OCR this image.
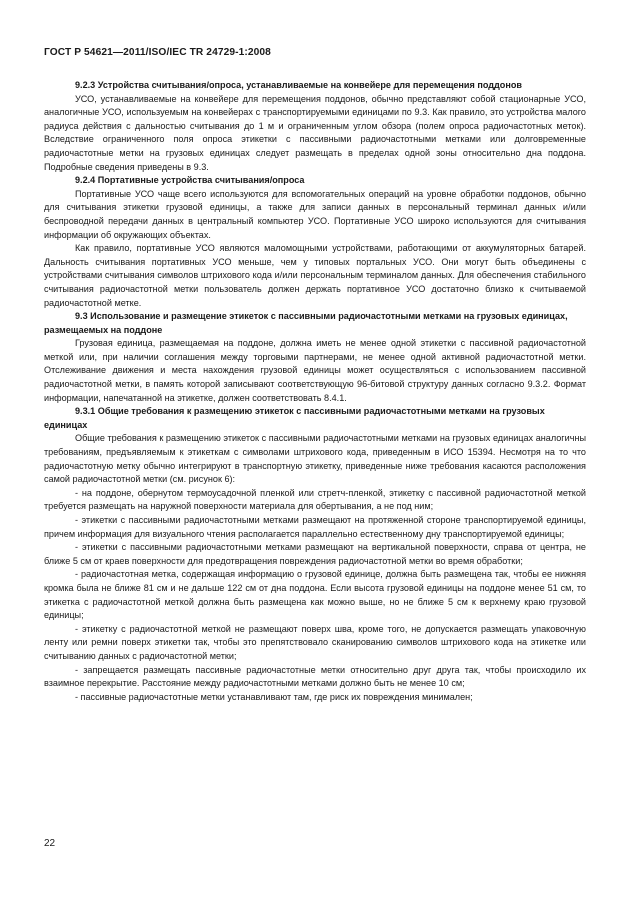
ГОСТ Р 54621—2011/ISO/IEC TR 24729-1:2008
9.2.3 Устройства считывания/опроса, устанавливаемые на конвейере для перемещения поддонов

УСО, устанавливаемые на конвейере для перемещения поддонов, обычно представляют собой стационарные УСО, аналогичные УСО, используемым на конвейерах с транспортируемыми единицами по 9.3. Как правило, это устройства малого радиуса действия с дальностью считывания до 1 м и ограниченным углом обзора (полем опроса радиочастотных меток). Вследствие ограниченного поля опроса этикетки с пассивными радиочастотными метками или долговременные радиочастотные метки на грузовых единицах следует размещать в пределах одной зоны относительно дна поддона. Подробные сведения приведены в 9.3.

9.2.4 Портативные устройства считывания/опроса

Портативные УСО чаще всего используются для вспомогательных операций на уровне обработки поддонов, обычно для считывания этикетки грузовой единицы, а также для записи данных в персональный терминал данных и/или беспроводной передачи данных в центральный компьютер УСО. Портативные УСО широко используются для считывания информации об окружающих объектах.

Как правило, портативные УСО являются маломощными устройствами, работающими от аккумуляторных батарей. Дальность считывания портативных УСО меньше, чем у типовых портальных УСО. Они могут быть объединены с устройствами считывания символов штрихового кода и/или персональным терминалом данных. Для обеспечения стабильного считывания радиочастотной метки пользователь должен держать портативное УСО достаточно близко к считываемой радиочастотной метке.

9.3 Использование и размещение этикеток с пассивными радиочастотными метками на грузовых единицах, размещаемых на поддоне

Грузовая единица, размещаемая на поддоне, должна иметь не менее одной этикетки с пассивной радиочастотной меткой или, при наличии соглашения между торговыми партнерами, не менее одной активной радиочастотной метки. Отслеживание движения и места нахождения грузовой единицы может осуществляться с использованием пассивной радиочастотной метки, в память которой записывают соответствующую 96-битовой структуру данных согласно 9.3.2. Формат информации, напечатанной на этикетке, должен соответствовать 8.4.1.

9.3.1 Общие требования к размещению этикеток с пассивными радиочастотными метками на грузовых единицах

Общие требования к размещению этикеток с пассивными радиочастотными метками на грузовых единицах аналогичны требованиям, предъявляемым к этикеткам с символами штрихового кода, приведенным в ИСО 15394. Несмотря на то что радиочастотную метку обычно интегрируют в транспортную этикетку, приведенные ниже требования касаются расположения самой радиочастотной метки (см. рисунок 6):

- на поддоне, обернутом термоусадочной пленкой или стретч-пленкой, этикетку с пассивной радиочастотной меткой требуется размещать на наружной поверхности материала для обертывания, а не под ним;

- этикетки с пассивными радиочастотными метками размещают на протяженной стороне транспортируемой единицы, причем информация для визуального чтения располагается параллельно естественному дну транспортируемой единицы;

- этикетки с пассивными радиочастотными метками размещают на вертикальной поверхности, справа от центра, не ближе 5 см от краев поверхности для предотвращения повреждения радиочастотной метки во время обработки;

- радиочастотная метка, содержащая информацию о грузовой единице, должна быть размещена так, чтобы ее нижняя кромка была не ближе 81 см и не дальше 122 см от дна поддона. Если высота грузовой единицы на поддоне менее 51 см, то этикетка с радиочастотной меткой должна быть размещена как можно выше, но не ближе 5 см к верхнему краю грузовой единицы;

- этикетку с радиочастотной меткой не размещают поверх шва, кроме того, не допускается размещать упаковочную ленту или ремни поверх этикетки так, чтобы это препятствовало сканированию символов штрихового кода на этикетке или считыванию данных с радиочастотной метки;

- запрещается размещать пассивные радиочастотные метки относительно друг друга так, чтобы происходило их взаимное перекрытие. Расстояние между радиочастотными метками должно быть не менее 10 см;

- пассивные радиочастотные метки устанавливают там, где риск их повреждения минимален;

22
